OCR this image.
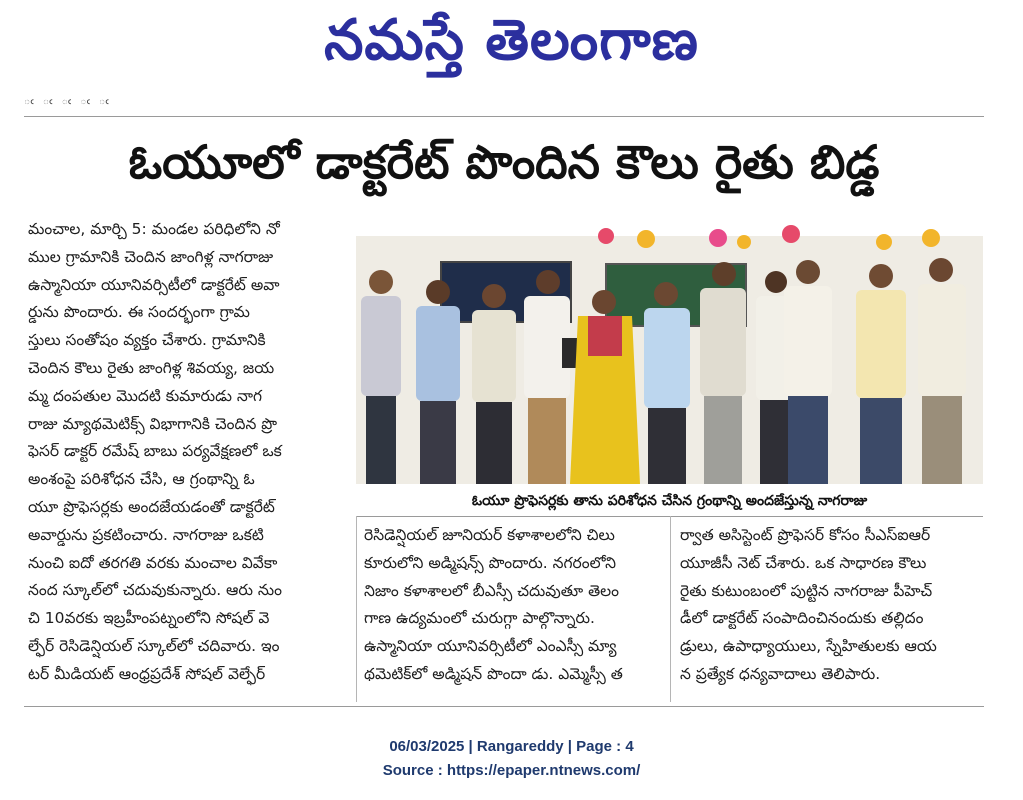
నమస్తే తెలంగాణ
ఁ ఁ ఁ ఁ ఁ
ఓయూలో డాక్టరేట్ పొందిన కౌలు రైతు బిడ్డ
మంచాల, మార్చి 5: మండల పరిధిలోని నో
ముల గ్రామానికి చెందిన జాంగిళ్ల నాగరాజు
ఉస్మానియా యూనివర్సిటీలో డాక్టరేట్ అవా
ర్డును పొందారు. ఈ సందర్భంగా గ్రామ
స్తులు సంతోషం వ్యక్తం చేశారు. గ్రామానికి
చెందిన కౌలు రైతు జాంగిళ్ల శివయ్య, జయ
మ్మ దంపతుల మొదటి కుమారుడు నాగ
రాజు మ్యాథమెటిక్స్ విభాగానికి చెందిన ప్రొ
ఫెసర్ డాక్టర్ రమేష్ బాబు పర్యవేక్షణలో ఒక
అంశంపై పరిశోధన చేసి, ఆ గ్రంథాన్ని ఓ
యూ ప్రొఫెసర్లకు అందజేయడంతో డాక్టరేట్
అవార్డును ప్రకటించారు. నాగరాజు ఒకటి
నుంచి ఐదో తరగతి వరకు మంచాల వివేకా
నంద స్కూల్‌లో చదువుకున్నారు. ఆరు నుం
చి 10వరకు ఇబ్రహీంపట్నంలోని సోషల్ వె
ల్ఫేర్ రెసిడెన్షియల్ స్కూల్‌లో చదివారు. ఇం
టర్ మీడియట్ ఆంధ్రప్రదేశ్ సోషల్ వెల్ఫేర్
ఓయూ ప్రొఫెసర్లకు తాను పరిశోధన చేసిన గ్రంథాన్ని అందజేస్తున్న నాగరాజు
రెసిడెన్షియల్ జూనియర్ కళాశాలలోని చిలు
కూరులోని అడ్మిషన్స్ పొందారు. నగరంలోని
నిజాం కళాశాలలో బీఎస్సీ చదువుతూ తెలం
గాణ ఉద్యమంలో చురుగ్గా పాల్గొన్నారు.
ఉస్మానియా యూనివర్సిటీలో ఎంఎస్సీ మ్యా
థమెటిక్‌లో అడ్మిషన్ పొందా డు. ఎమ్మెస్సీ త
ర్వాత అసిస్టెంట్ ప్రొఫెసర్ కోసం సీఎస్ఐఆర్
యూజీసీ నెట్ చేశారు. ఒక సాధారణ కౌలు
రైతు కుటుంబంలో పుట్టిన నాగరాజు పీహెచ్
డీలో డాక్టరేట్ సంపాదించినందుకు తల్లిదం
డ్రులు, ఉపాధ్యాయులు, స్నేహితులకు ఆయ
న ప్రత్యేక ధన్యవాదాలు తెలిపారు.
06/03/2025 | Rangareddy | Page : 4
Source : https://epaper.ntnews.com/
